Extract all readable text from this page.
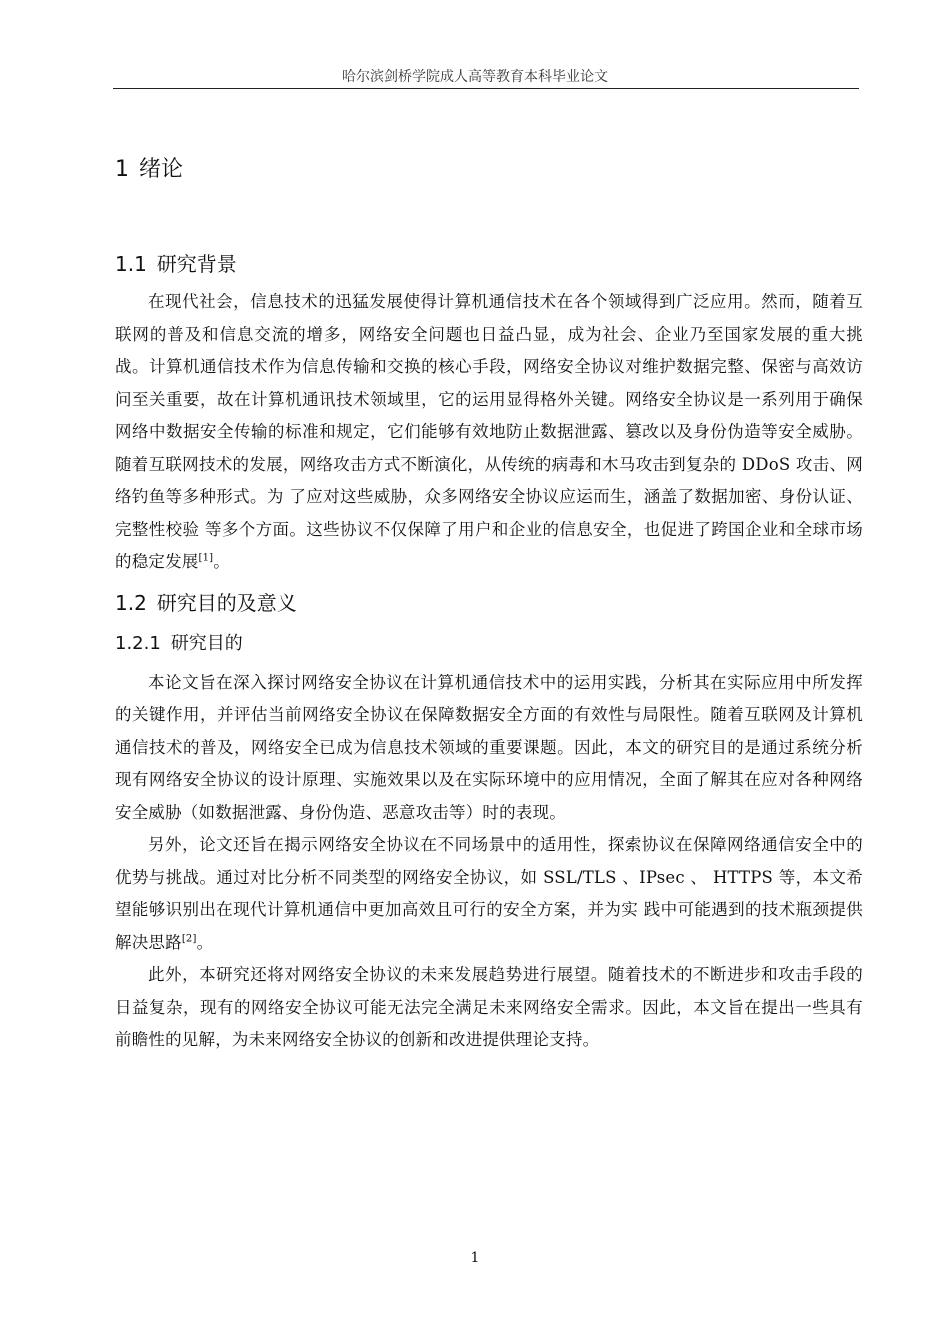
哈尔滨剑桥学院成人高等教育本科毕业论文
1 绪论
1.1 研究背景

在现代社会，信息技术的迅猛发展使得计算机通信技术在各个领域得到广泛应用。然而，随着互联网的普及和信息交流的增多，网络安全问题也日益凸显，成为社会、企业乃至国家发展的重大挑战。计算机通信技术作为信息传输和交换的核心手段，网络安全协议对维护数据完整、保密与高效访问至关重要，故在计算机通讯技术领域里，它的运用显得格外关键。网络安全协议是一系列用于确保网络中数据安全传输的标准和规定，它们能够有效地防止数据泄露、篡改以及身份伪造等安全威胁。随着互联网技术的发展，网络攻击方式不断演化，从传统的病毒和木马攻击到复杂的 DDoS 攻击、网络钓鱼等多种形式。为 了应对这些威胁，众多网络安全协议应运而生，涵盖了数据加密、身份认证、完整性校验 等多个方面。这些协议不仅保障了用户和企业的信息安全，也促进了跨国企业和全球市场 的稳定发展[1]。

1.2 研究目的及意义
1.2.1 研究目的

本论文旨在深入探讨网络安全协议在计算机通信技术中的运用实践，分析其在实际应用中所发挥的关键作用，并评估当前网络安全协议在保障数据安全方面的有效性与局限性。随着互联网及计算机通信技术的普及，网络安全已成为信息技术领域的重要课题。因此，本文的研究目的是通过系统分析现有网络安全协议的设计原理、实施效果以及在实际环境中的应用情况，全面了解其在应对各种网络安全威胁（如数据泄露、身份伪造、恶意攻击等）时的表现。

另外，论文还旨在揭示网络安全协议在不同场景中的适用性，探索协议在保障网络通信安全中的优势与挑战。通过对比分析不同类型的网络安全协议，如 SSL/TLS 、IPsec 、 HTTPS 等，本文希望能够识别出在现代计算机通信中更加高效且可行的安全方案，并为实 践中可能遇到的技术瓶颈提供解决思路[2]。

此外，本研究还将对网络安全协议的未来发展趋势进行展望。随着技术的不断进步和攻击手段的日益复杂，现有的网络安全协议可能无法完全满足未来网络安全需求。因此，本文旨在提出一些具有前瞻性的见解，为未来网络安全协议的创新和改进提供理论支持。

1
